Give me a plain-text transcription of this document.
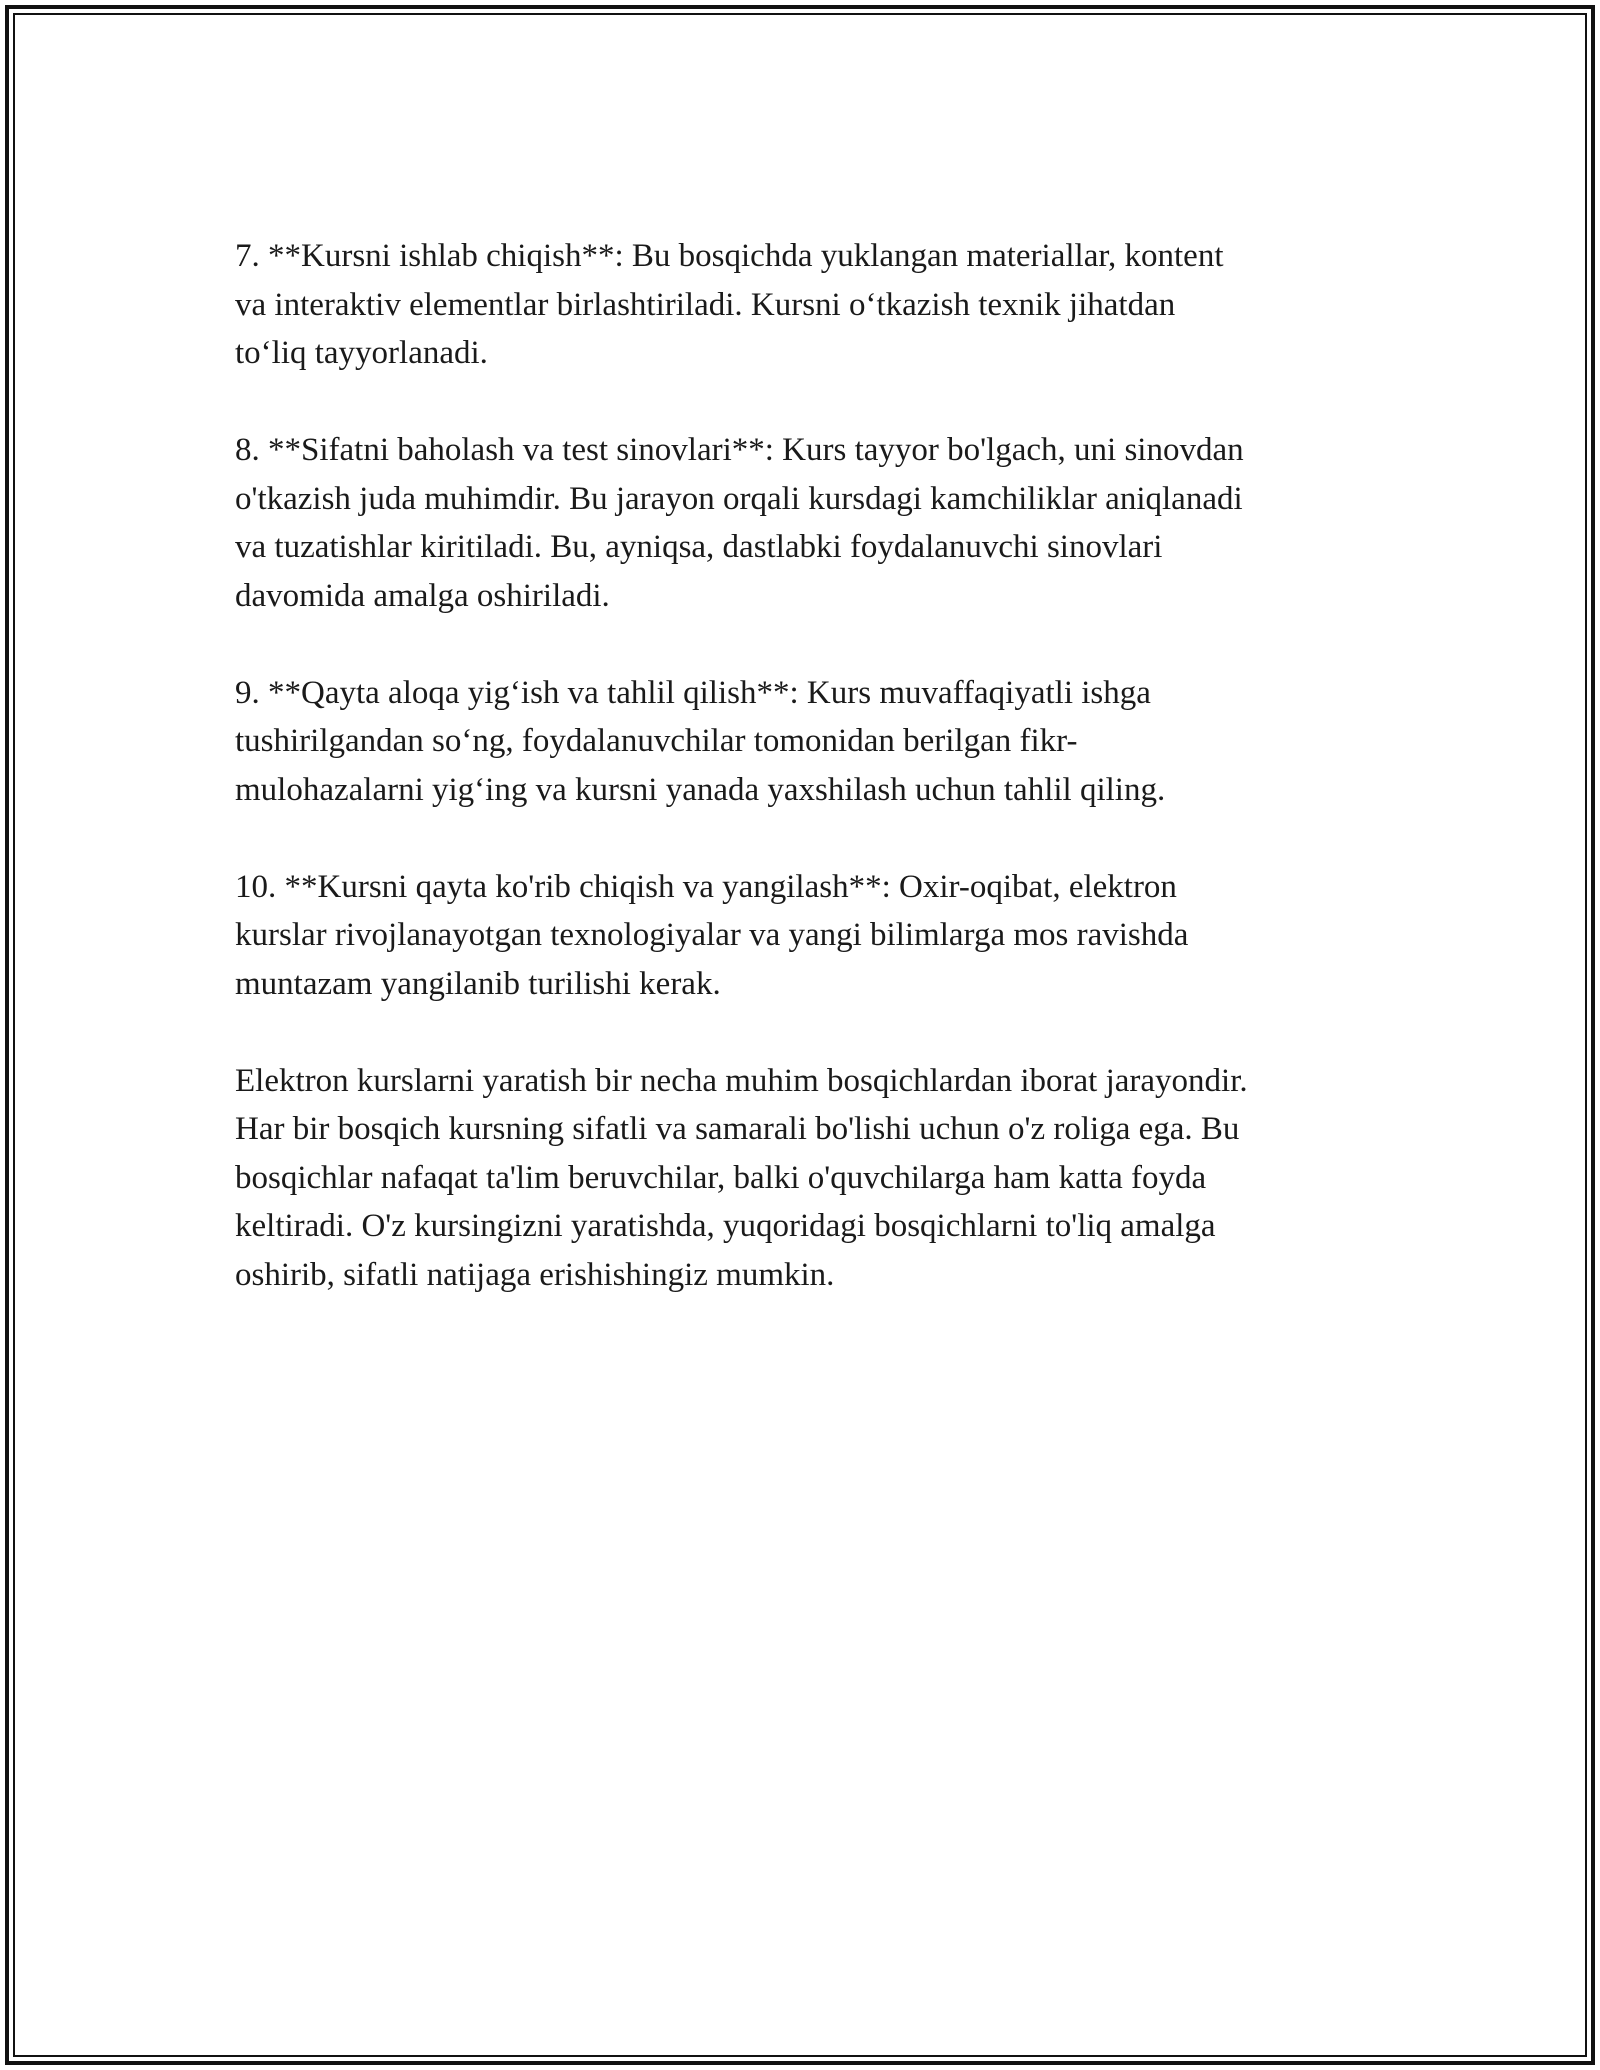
7. **Kursni ishlab chiqish**: Bu bosqichda yuklangan materiallar, kontent
va interaktiv elementlar birlashtiriladi. Kursni o‘tkazish texnik jihatdan
to‘liq tayyorlanadi.

8. **Sifatni baholash va test sinovlari**: Kurs tayyor bo'lgach, uni sinovdan
o'tkazish juda muhimdir. Bu jarayon orqali kursdagi kamchiliklar aniqlanadi
va tuzatishlar kiritiladi. Bu, ayniqsa, dastlabki foydalanuvchi sinovlari
davomida amalga oshiriladi.

9. **Qayta aloqa yig‘ish va tahlil qilish**: Kurs muvaffaqiyatli ishga
tushirilgandan so‘ng, foydalanuvchilar tomonidan berilgan fikr-
mulohazalarni yig‘ing va kursni yanada yaxshilash uchun tahlil qiling.

10. **Kursni qayta ko'rib chiqish va yangilash**: Oxir-oqibat, elektron
kurslar rivojlanayotgan texnologiyalar va yangi bilimlarga mos ravishda
muntazam yangilanib turilishi kerak.

Elektron kurslarni yaratish bir necha muhim bosqichlardan iborat jarayondir.
Har bir bosqich kursning sifatli va samarali bo'lishi uchun o'z roliga ega. Bu
bosqichlar nafaqat ta'lim beruvchilar, balki o'quvchilarga ham katta foyda
keltiradi. O'z kursingizni yaratishda, yuqoridagi bosqichlarni to'liq amalga
oshirib, sifatli natijaga erishishingiz mumkin.
